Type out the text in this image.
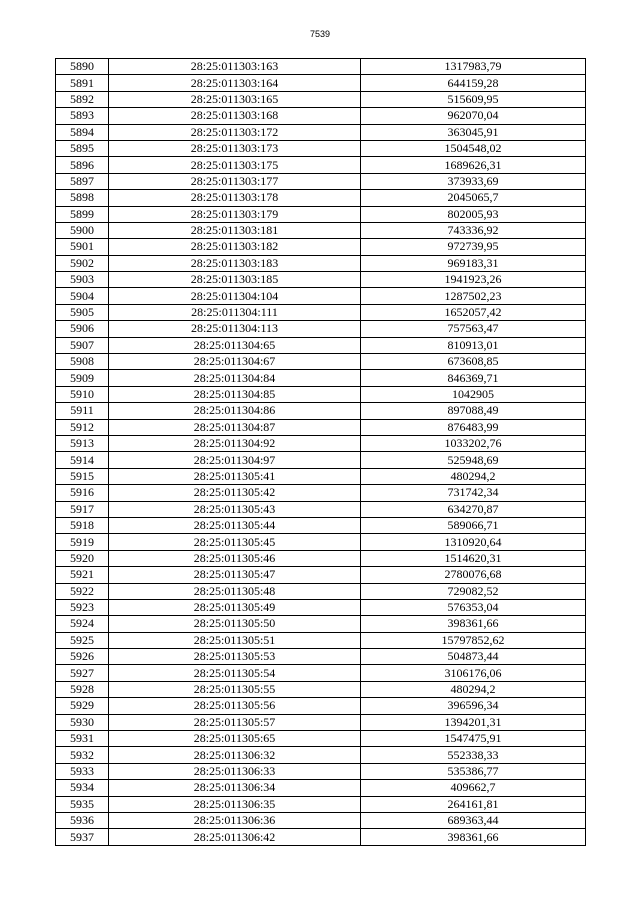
7539
5890	28:25:011303:163	1317983,79
5891	28:25:011303:164	644159,28
5892	28:25:011303:165	515609,95
5893	28:25:011303:168	962070,04
5894	28:25:011303:172	363045,91
5895	28:25:011303:173	1504548,02
5896	28:25:011303:175	1689626,31
5897	28:25:011303:177	373933,69
5898	28:25:011303:178	2045065,7
5899	28:25:011303:179	802005,93
5900	28:25:011303:181	743336,92
5901	28:25:011303:182	972739,95
5902	28:25:011303:183	969183,31
5903	28:25:011303:185	1941923,26
5904	28:25:011304:104	1287502,23
5905	28:25:011304:111	1652057,42
5906	28:25:011304:113	757563,47
5907	28:25:011304:65	810913,01
5908	28:25:011304:67	673608,85
5909	28:25:011304:84	846369,71
5910	28:25:011304:85	1042905
5911	28:25:011304:86	897088,49
5912	28:25:011304:87	876483,99
5913	28:25:011304:92	1033202,76
5914	28:25:011304:97	525948,69
5915	28:25:011305:41	480294,2
5916	28:25:011305:42	731742,34
5917	28:25:011305:43	634270,87
5918	28:25:011305:44	589066,71
5919	28:25:011305:45	1310920,64
5920	28:25:011305:46	1514620,31
5921	28:25:011305:47	2780076,68
5922	28:25:011305:48	729082,52
5923	28:25:011305:49	576353,04
5924	28:25:011305:50	398361,66
5925	28:25:011305:51	15797852,62
5926	28:25:011305:53	504873,44
5927	28:25:011305:54	3106176,06
5928	28:25:011305:55	480294,2
5929	28:25:011305:56	396596,34
5930	28:25:011305:57	1394201,31
5931	28:25:011305:65	1547475,91
5932	28:25:011306:32	552338,33
5933	28:25:011306:33	535386,77
5934	28:25:011306:34	409662,7
5935	28:25:011306:35	264161,81
5936	28:25:011306:36	689363,44
5937	28:25:011306:42	398361,66
